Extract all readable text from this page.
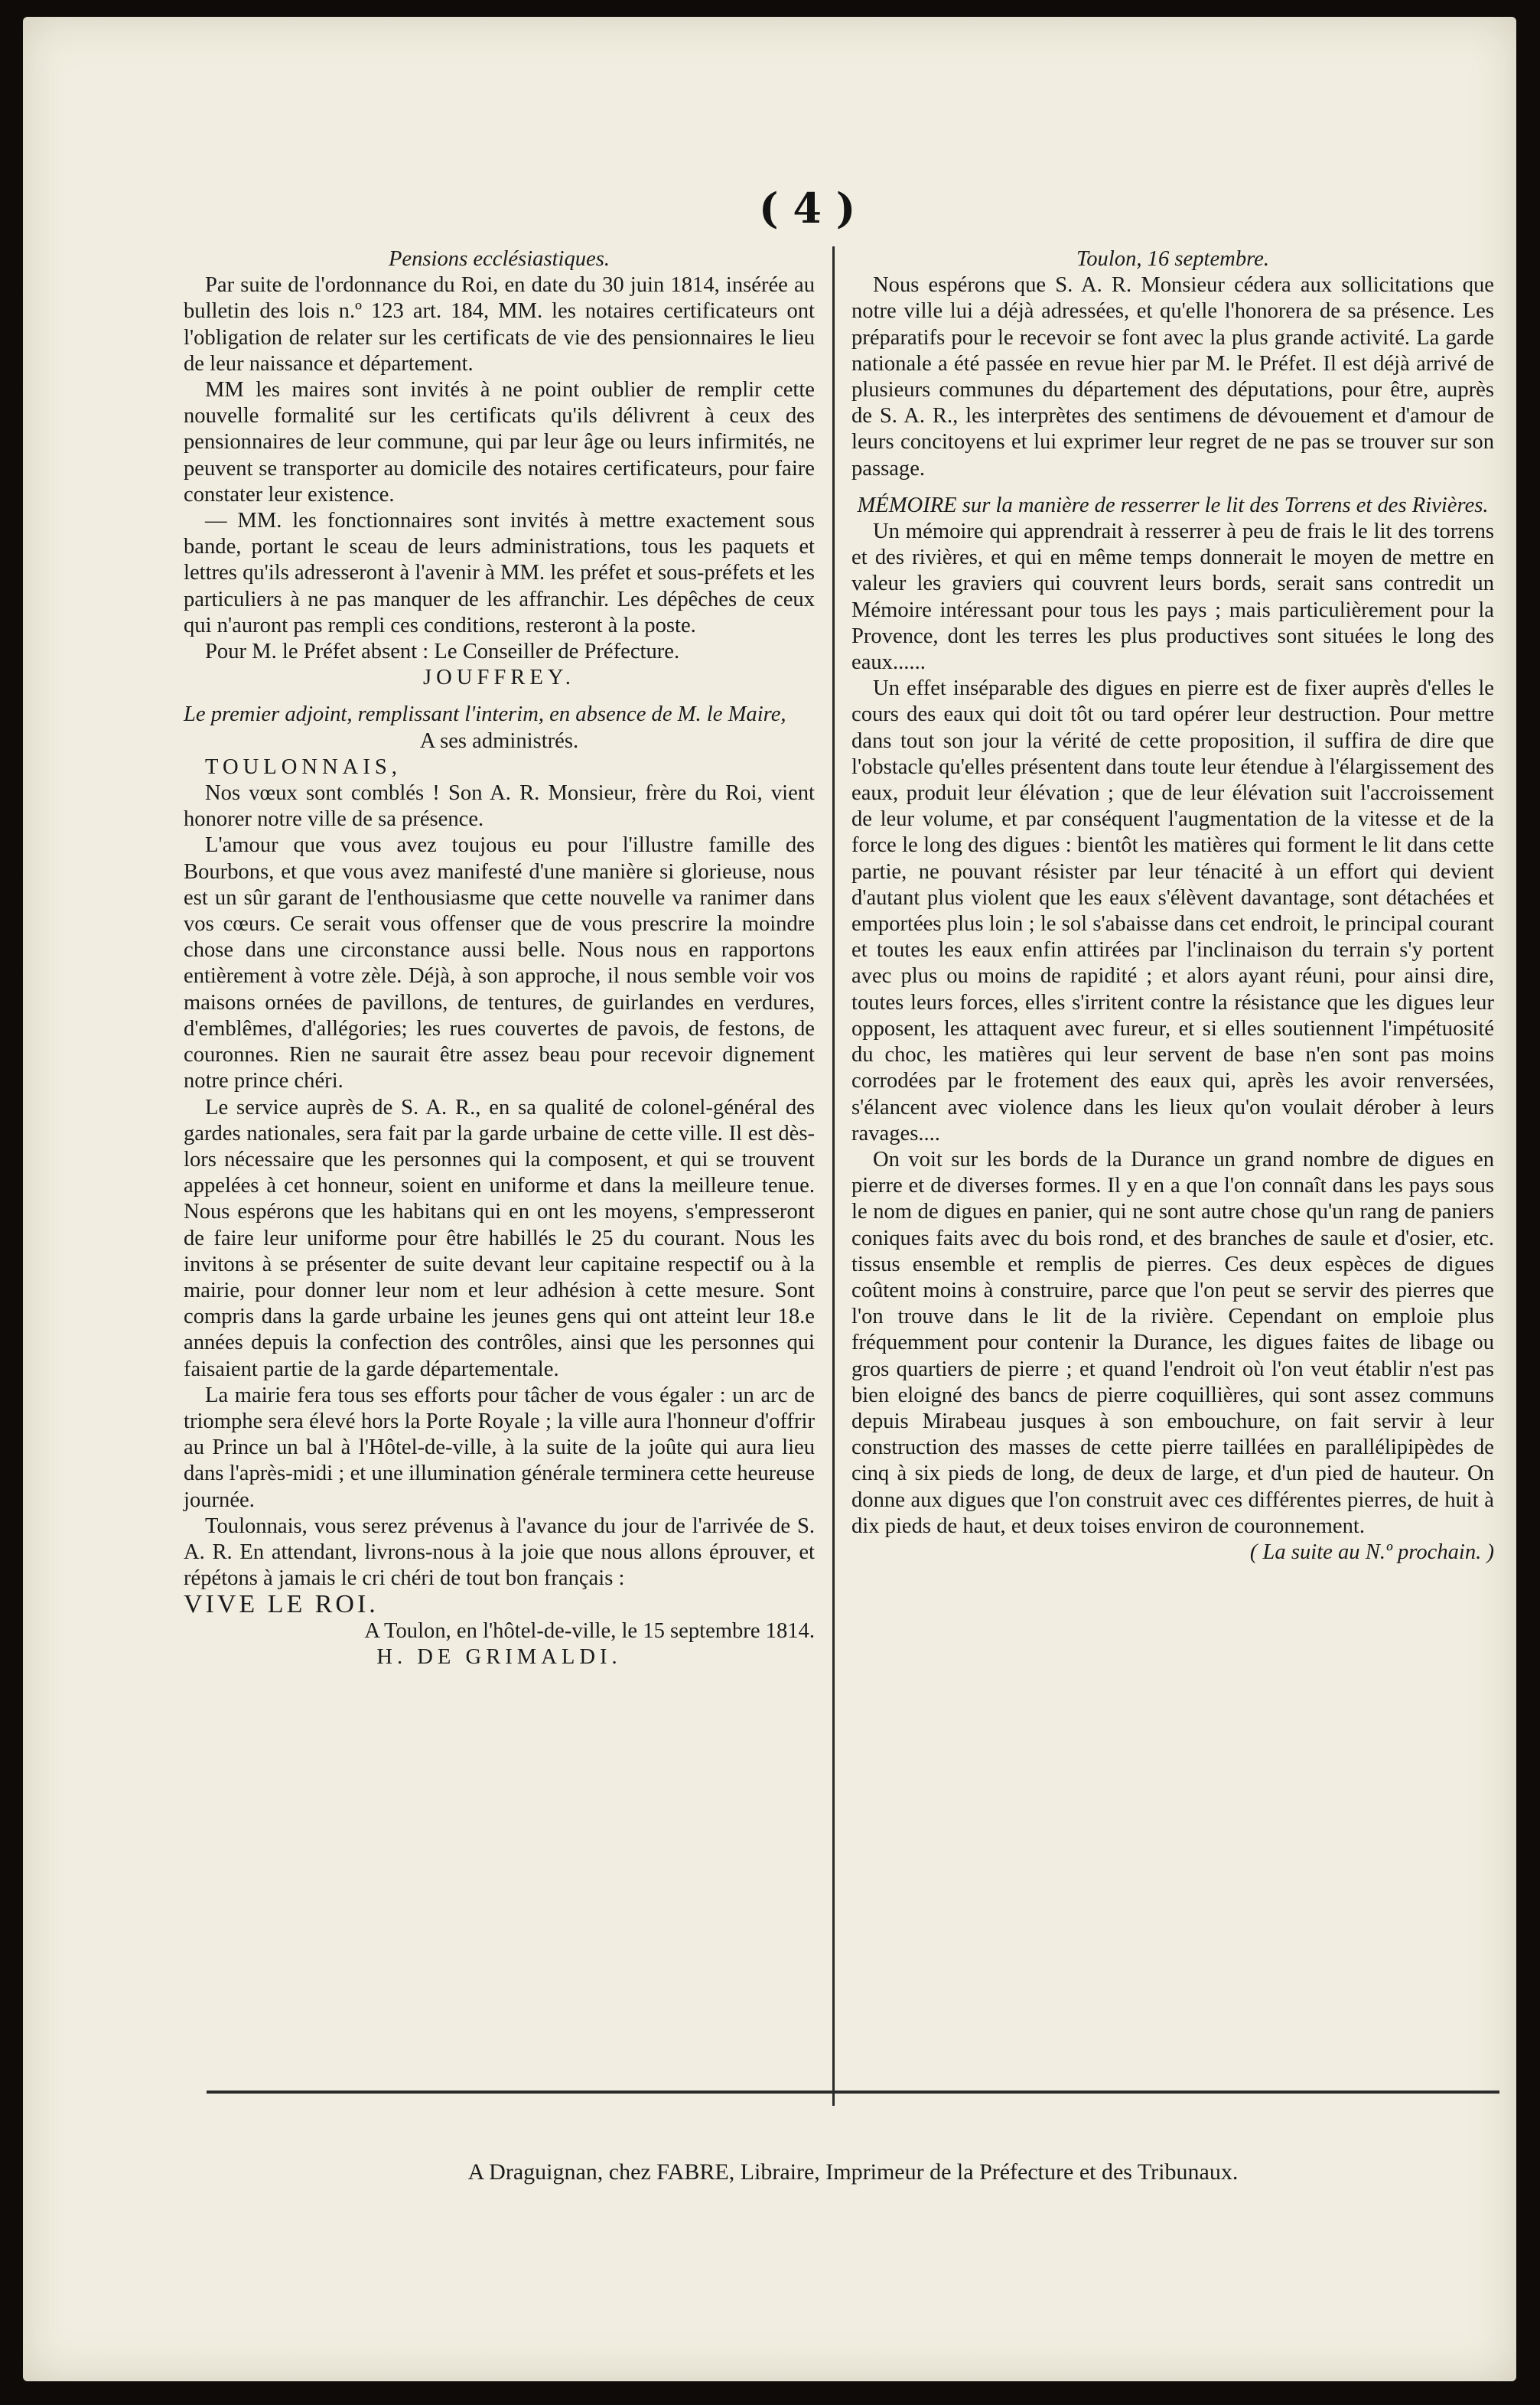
( 4 )

Pensions ecclésiastiques.

Par suite de l'ordonnance du Roi, en date du 30 juin 1814, insérée au bulletin des lois n.º 123 art. 184, MM. les notaires certificateurs ont l'obligation de relater sur les certificats de vie des pensionnaires le lieu de leur naissance et département.

MM les maires sont invités à ne point oublier de remplir cette nouvelle formalité sur les certificats qu'ils délivrent à ceux des pensionnaires de leur commune, qui par leur âge ou leurs infirmités, ne peuvent se transporter au domicile des notaires certificateurs, pour faire constater leur existence.

— MM. les fonctionnaires sont invités à mettre exactement sous bande, portant le sceau de leurs administrations, tous les paquets et lettres qu'ils adresseront à l'avenir à MM. les préfet et sous-préfets et les particuliers à ne pas manquer de les affranchir. Les dépêches de ceux qui n'auront pas rempli ces conditions, resteront à la poste.

Pour M. le Préfet absent : Le Conseiller de Préfecture.

JOUFFREY.

Le premier adjoint, remplissant l'interim, en absence de M. le Maire,

A ses administrés.

TOULONNAIS,

Nos vœux sont comblés ! Son A. R. Monsieur, frère du Roi, vient honorer notre ville de sa présence.

L'amour que vous avez toujous eu pour l'illustre famille des Bourbons, et que vous avez manifesté d'une manière si glorieuse, nous est un sûr garant de l'enthousiasme que cette nouvelle va ranimer dans vos cœurs. Ce serait vous offenser que de vous prescrire la moindre chose dans une circonstance aussi belle. Nous nous en rapportons entièrement à votre zèle. Déjà, à son approche, il nous semble voir vos maisons ornées de pavillons, de tentures, de guirlandes en verdures, d'emblêmes, d'allégories; les rues couvertes de pavois, de festons, de couronnes. Rien ne saurait être assez beau pour recevoir dignement notre prince chéri.

Le service auprès de S. A. R., en sa qualité de colonel-général des gardes nationales, sera fait par la garde urbaine de cette ville. Il est dès-lors nécessaire que les personnes qui la composent, et qui se trouvent appelées à cet honneur, soient en uniforme et dans la meilleure tenue. Nous espérons que les habitans qui en ont les moyens, s'empresseront de faire leur uniforme pour être habillés le 25 du courant. Nous les invitons à se présenter de suite devant leur capitaine respectif ou à la mairie, pour donner leur nom et leur adhésion à cette mesure. Sont compris dans la garde urbaine les jeunes gens qui ont atteint leur 18.e années depuis la confection des contrôles, ainsi que les personnes qui faisaient partie de la garde départementale.

La mairie fera tous ses efforts pour tâcher de vous égaler : un arc de triomphe sera élevé hors la Porte Royale ; la ville aura l'honneur d'offrir au Prince un bal à l'Hôtel-de-ville, à la suite de la joûte qui aura lieu dans l'après-midi ; et une illumination générale terminera cette heureuse journée.

Toulonnais, vous serez prévenus à l'avance du jour de l'arrivée de S. A. R. En attendant, livrons-nous à la joie que nous allons éprouver, et répétons à jamais le cri chéri de tout bon français :

VIVE LE ROI.

A Toulon, en l'hôtel-de-ville, le 15 septembre 1814.

H. DE GRIMALDI.

Toulon, 16 septembre.

Nous espérons que S. A. R. Monsieur cédera aux sollicitations que notre ville lui a déjà adressées, et qu'elle l'honorera de sa présence. Les préparatifs pour le recevoir se font avec la plus grande activité. La garde nationale a été passée en revue hier par M. le Préfet. Il est déjà arrivé de plusieurs communes du département des députations, pour être, auprès de S. A. R., les interprètes des sentimens de dévouement et d'amour de leurs concitoyens et lui exprimer leur regret de ne pas se trouver sur son passage.

MÉMOIRE sur la manière de resserrer le lit des Torrens et des Rivières.

Un mémoire qui apprendrait à resserrer à peu de frais le lit des torrens et des rivières, et qui en même temps donnerait le moyen de mettre en valeur les graviers qui couvrent leurs bords, serait sans contredit un Mémoire intéressant pour tous les pays ; mais particulièrement pour la Provence, dont les terres les plus productives sont situées le long des eaux......

Un effet inséparable des digues en pierre est de fixer auprès d'elles le cours des eaux qui doit tôt ou tard opérer leur destruction. Pour mettre dans tout son jour la vérité de cette proposition, il suffira de dire que l'obstacle qu'elles présentent dans toute leur étendue à l'élargissement des eaux, produit leur élévation ; que de leur élévation suit l'accroissement de leur volume, et par conséquent l'augmentation de la vitesse et de la force le long des digues : bientôt les matières qui forment le lit dans cette partie, ne pouvant résister par leur ténacité à un effort qui devient d'autant plus violent que les eaux s'élèvent davantage, sont détachées et emportées plus loin ; le sol s'abaisse dans cet endroit, le principal courant et toutes les eaux enfin attirées par l'inclinaison du terrain s'y portent avec plus ou moins de rapidité ; et alors ayant réuni, pour ainsi dire, toutes leurs forces, elles s'irritent contre la résistance que les digues leur opposent, les attaquent avec fureur, et si elles soutiennent l'impétuosité du choc, les matières qui leur servent de base n'en sont pas moins corrodées par le frotement des eaux qui, après les avoir renversées, s'élancent avec violence dans les lieux qu'on voulait dérober à leurs ravages....

On voit sur les bords de la Durance un grand nombre de digues en pierre et de diverses formes. Il y en a que l'on connaît dans les pays sous le nom de digues en panier, qui ne sont autre chose qu'un rang de paniers coniques faits avec du bois rond, et des branches de saule et d'osier, etc. tissus ensemble et remplis de pierres. Ces deux espèces de digues coûtent moins à construire, parce que l'on peut se servir des pierres que l'on trouve dans le lit de la rivière. Cependant on emploie plus fréquemment pour contenir la Durance, les digues faites de libage ou gros quartiers de pierre ; et quand l'endroit où l'on veut établir n'est pas bien eloigné des bancs de pierre coquillières, qui sont assez communs depuis Mirabeau jusques à son embouchure, on fait servir à leur construction des masses de cette pierre taillées en parallélipipèdes de cinq à six pieds de long, de deux de large, et d'un pied de hauteur. On donne aux digues que l'on construit avec ces différentes pierres, de huit à dix pieds de haut, et deux toises environ de couronnement.

( La suite au N.º prochain. )

A Draguignan, chez FABRE, Libraire, Imprimeur de la Préfecture et des Tribunaux.
